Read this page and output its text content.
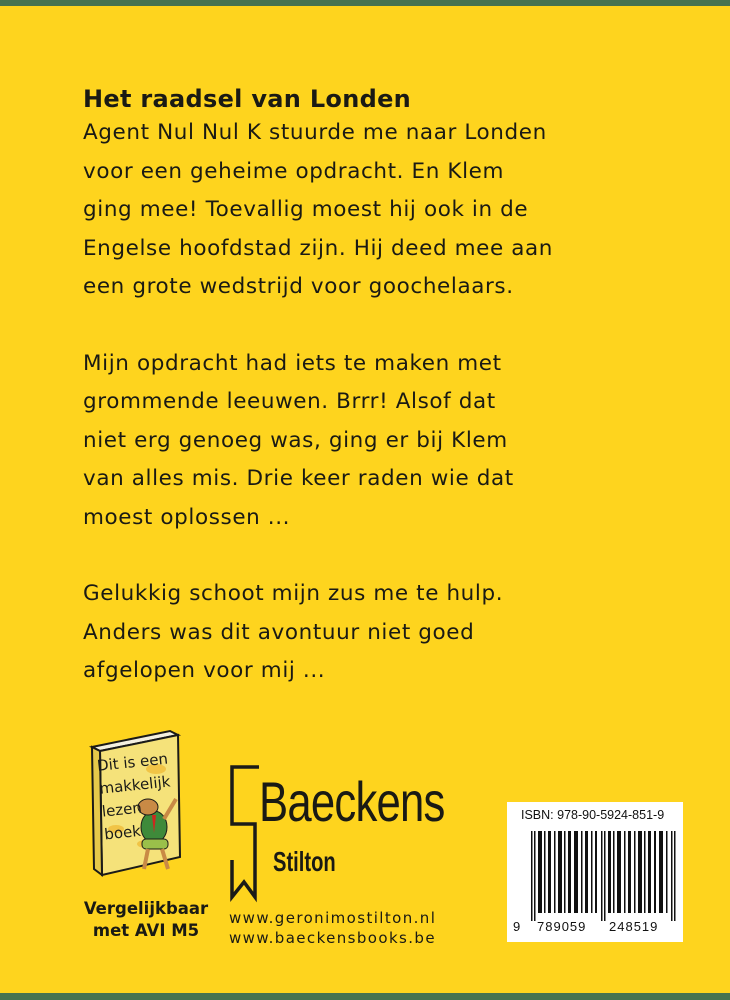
Het raadsel van Londen

Agent Nul Nul K stuurde me naar Londen

voor een geheime opdracht. En Klem

ging mee! Toevallig moest hij ook in de

Engelse hoofdstad zijn. Hij deed mee aan

een grote wedstrijd voor goochelaars.

Mijn opdracht had iets te maken met

grommende leeuwen. Brrr! Alsof dat

niet erg genoeg was, ging er bij Klem

van alles mis. Drie keer raden wie dat

moest oplossen ...

Gelukkig schoot mijn zus me te hulp.

Anders was dit avontuur niet goed

afgelopen voor mij ...

Dit is een
makkelijk
lezen
boek
Vergelijkbaar
met AVI M5
Baeckens
Stilton
www.geronimostilton.nl
www.baeckensbooks.be
ISBN: 978-90-5924-851-9
9 789059 248519
